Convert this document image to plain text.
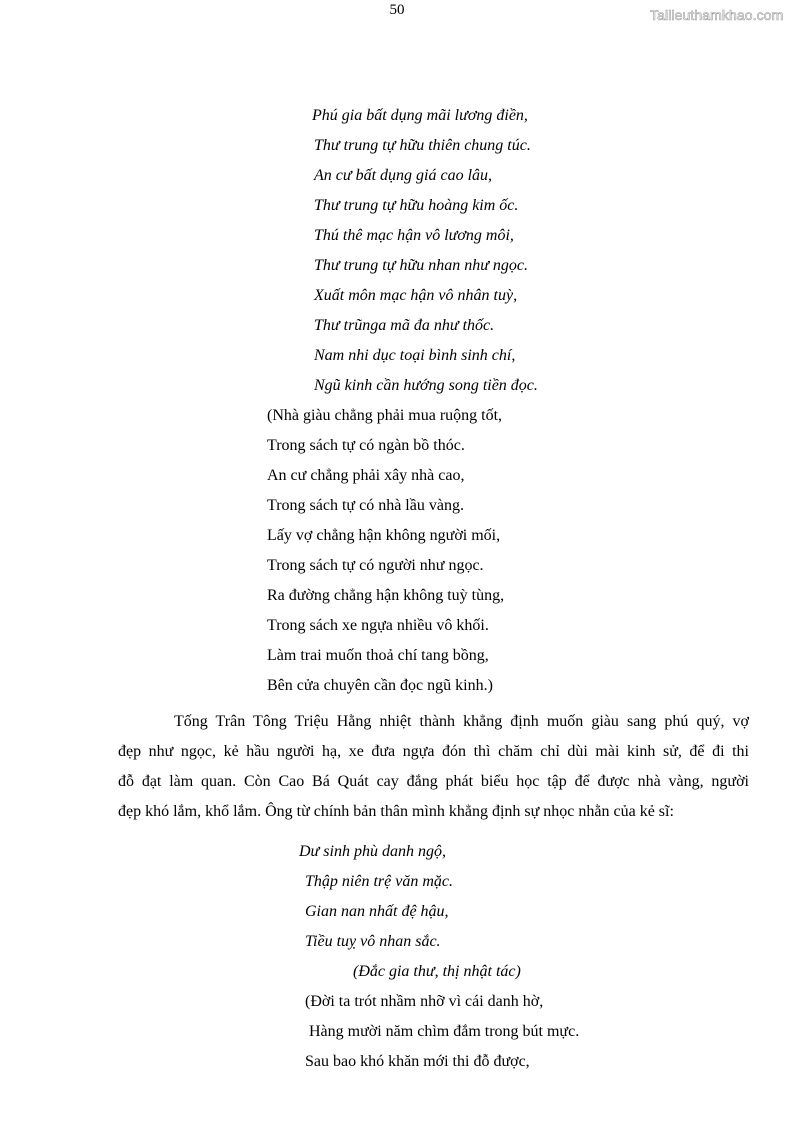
50	Tailieuthamkhao.com
Phú gia bất dụng mãi lương điền,
Thư trung tự hữu thiên chung túc.
An cư bất dụng giá cao lâu,
Thư trung tự hữu hoàng kim ốc.
Thú thê mạc hận vô lương môi,
Thư trung tự hữu nhan như ngọc.
Xuất môn mạc hận vô nhân tuỳ,
Thư trũnga mã đa như thốc.
Nam nhi dục toại bình sinh chí,
Ngũ kinh cần hướng song tiền đọc.
(Nhà giàu chẳng phải mua ruộng tốt,
Trong sách tự có ngàn bồ thóc.
An cư chẳng phải xây nhà cao,
Trong sách tự có nhà lầu vàng.
Lấy vợ chẳng hận không người mối,
Trong sách tự có người như ngọc.
Ra đường chẳng hận không tuỳ tùng,
Trong sách xe ngựa nhiều vô khối.
Làm trai muốn thoả chí tang bồng,
Bên cửa chuyên cần đọc ngũ kinh.)
Tống Trân Tông Triệu Hằng nhiệt thành khẳng định muốn giàu sang phú quý, vợ
đẹp như ngọc, kẻ hầu người hạ, xe đưa ngựa đón thì chăm chỉ dùi mài kinh sử, để đi thi
đỗ đạt làm quan. Còn Cao Bá Quát cay đắng phát biểu học tập để được nhà vàng, người
đẹp khó lắm, khổ lắm. Ông từ chính bản thân mình khẳng định sự nhọc nhằn của kẻ sĩ:
Dư sinh phù danh ngộ,
Thập niên trệ văn mặc.
Gian nan nhất đệ hậu,
Tiều tuỵ vô nhan sắc.
(Đắc gia thư, thị nhật tác)
(Đời ta trót nhầm nhỡ vì cái danh hờ,
Hàng mười năm chìm đắm trong bút mực.
Sau bao khó khăn mới thi đỗ được,
